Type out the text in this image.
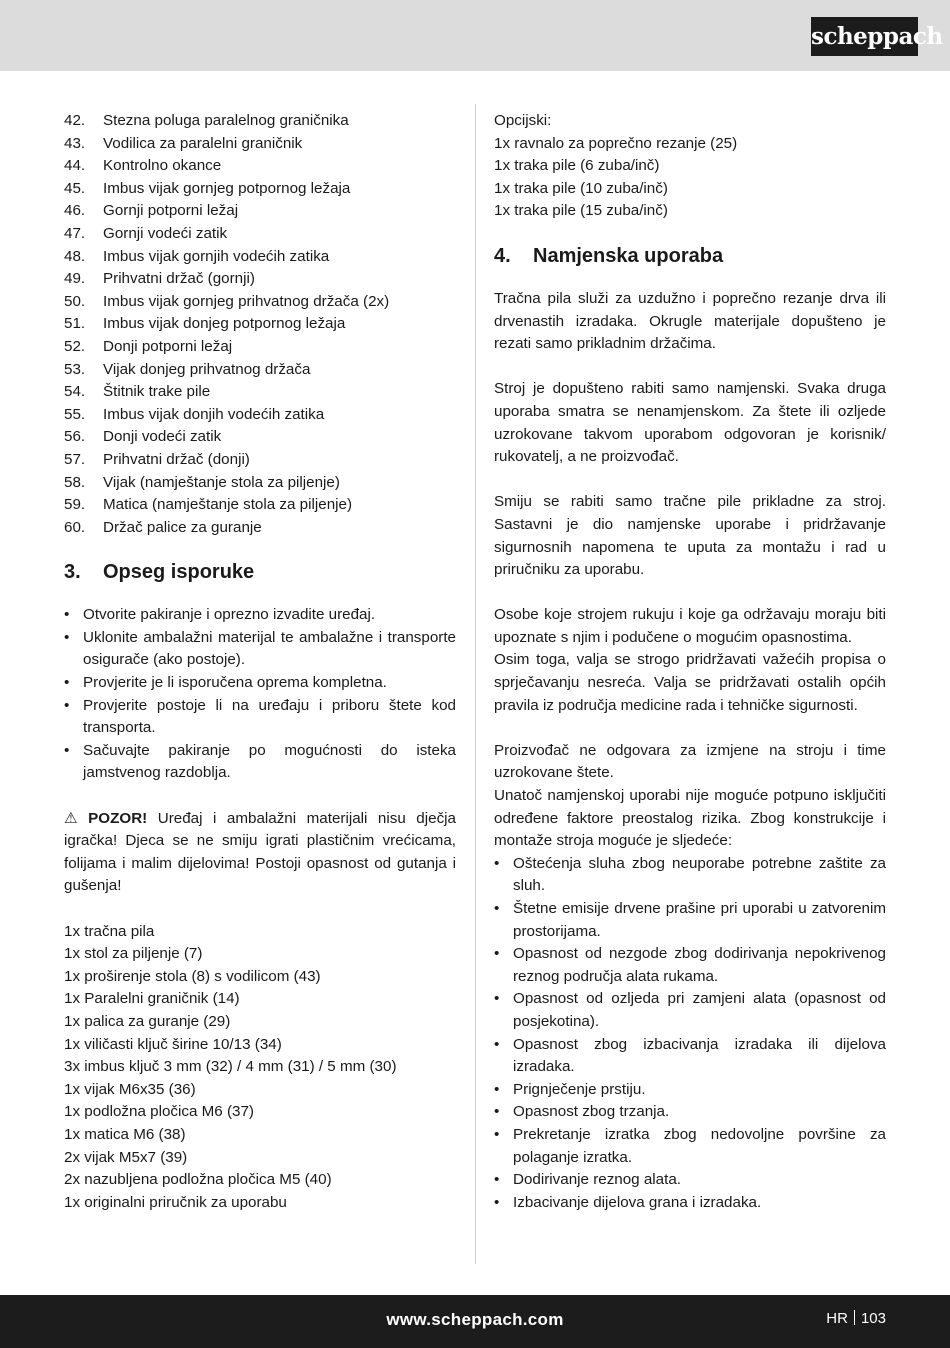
scheppach
42.	Stezna poluga paralelnog graničnika
43.	Vodilica za paralelni graničnik
44.	Kontrolno okance
45.	Imbus vijak gornjeg potpornog ležaja
46.	Gornji potporni ležaj
47.	Gornji vodeći zatik
48.	Imbus vijak gornjih vodećih zatika
49.	Prihvatni držač (gornji)
50.	Imbus vijak gornjeg prihvatnog držača (2x)
51.	Imbus vijak donjeg potpornog ležaja
52.	Donji potporni ležaj
53.	Vijak donjeg prihvatnog držača
54.	Štitnik trake pile
55.	Imbus vijak donjih vodećih zatika
56.	Donji vodeći zatik
57.	Prihvatni držač (donji)
58.	Vijak (namještanje stola za piljenje)
59.	Matica (namještanje stola za piljenje)
60.	Držač palice za guranje
3.	Opseg isporuke
• Otvorite pakiranje i oprezno izvadite uređaj.
• Uklonite ambalažni materijal te ambalažne i transporte osigurače (ako postoje).
• Provjerite je li isporučena oprema kompletna.
• Provjerite postoje li na uređaju i priboru štete kod transporta.
• Sačuvajte pakiranje po mogućnosti do isteka jamstvenog razdoblja.

⚠ POZOR! Uređaj i ambalažni materijali nisu dječja igračka! Djeca se ne smiju igrati plastičnim vrećicama, folijama i malim dijelovima! Postoji opasnost od gutanja i gušenja!

1x tračna pila
1x stol za piljenje (7)
1x proširenje stola (8) s vodilicom (43)
1x Paralelni graničnik (14)
1x palica za guranje (29)
1x viličasti ključ širine 10/13 (34)
3x imbus ključ 3 mm (32) / 4 mm (31) / 5 mm (30)
1x vijak M6x35 (36)
1x podložna pločica M6 (37)
1x matica M6 (38)
2x vijak M5x7 (39)
2x nazubljena podložna pločica M5 (40)
1x originalni priručnik za uporabu
Opcijski:
1x ravnalo za poprečno rezanje (25)
1x traka pile (6 zuba/inč)
1x traka pile (10 zuba/inč)
1x traka pile (15 zuba/inč)
4.	Namjenska uporaba

Tračna pila služi za uzdužno i poprečno rezanje drva ili drvenastih izradaka. Okrugle materijale dopušteno je rezati samo prikladnim držačima.

Stroj je dopušteno rabiti samo namjenski. Svaka druga uporaba smatra se nenamjenskom. Za štete ili ozljede uzrokovane takvom uporabom odgovoran je korisnik/ rukovatelj, a ne proizvođač.

Smiju se rabiti samo tračne pile prikladne za stroj. Sastavni je dio namjenske uporabe i pridržavanje sigurnosnih napomena te uputa za montažu i rad u priručniku za uporabu.

Osobe koje strojem rukuju i koje ga održavaju moraju biti upoznate s njim i podučene o mogućim opasnostima.

Osim toga, valja se strogo pridržavati važećih propisa o sprječavanju nesreća. Valja se pridržavati ostalih općih pravila iz područja medicine rada i tehničke sigurnosti.

Proizvođač ne odgovara za izmjene na stroju i time uzrokovane štete.

Unatoč namjenskoj uporabi nije moguće potpuno isključiti određene faktore preostalog rizika. Zbog konstrukcije i montaže stroja moguće je sljedeće:

• Oštećenja sluha zbog neuporabe potrebne zaštite za sluh.
• Štetne emisije drvene prašine pri uporabi u zatvorenim prostorijama.
• Opasnost od nezgode zbog dodirivanja nepokrivenog reznog područja alata rukama.
• Opasnost od ozljeda pri zamjeni alata (opasnost od posjekotina).
• Opasnost zbog izbacivanja izradaka ili dijelova izradaka.
• Prignječenje prstiju.
• Opasnost zbog trzanja.
• Prekretanje izratka zbog nedovoljne površine za polaganje izratka.
• Dodirivanje reznog alata.
• Izbacivanje dijelova grana i izradaka.
www.scheppach.com	HR 103
